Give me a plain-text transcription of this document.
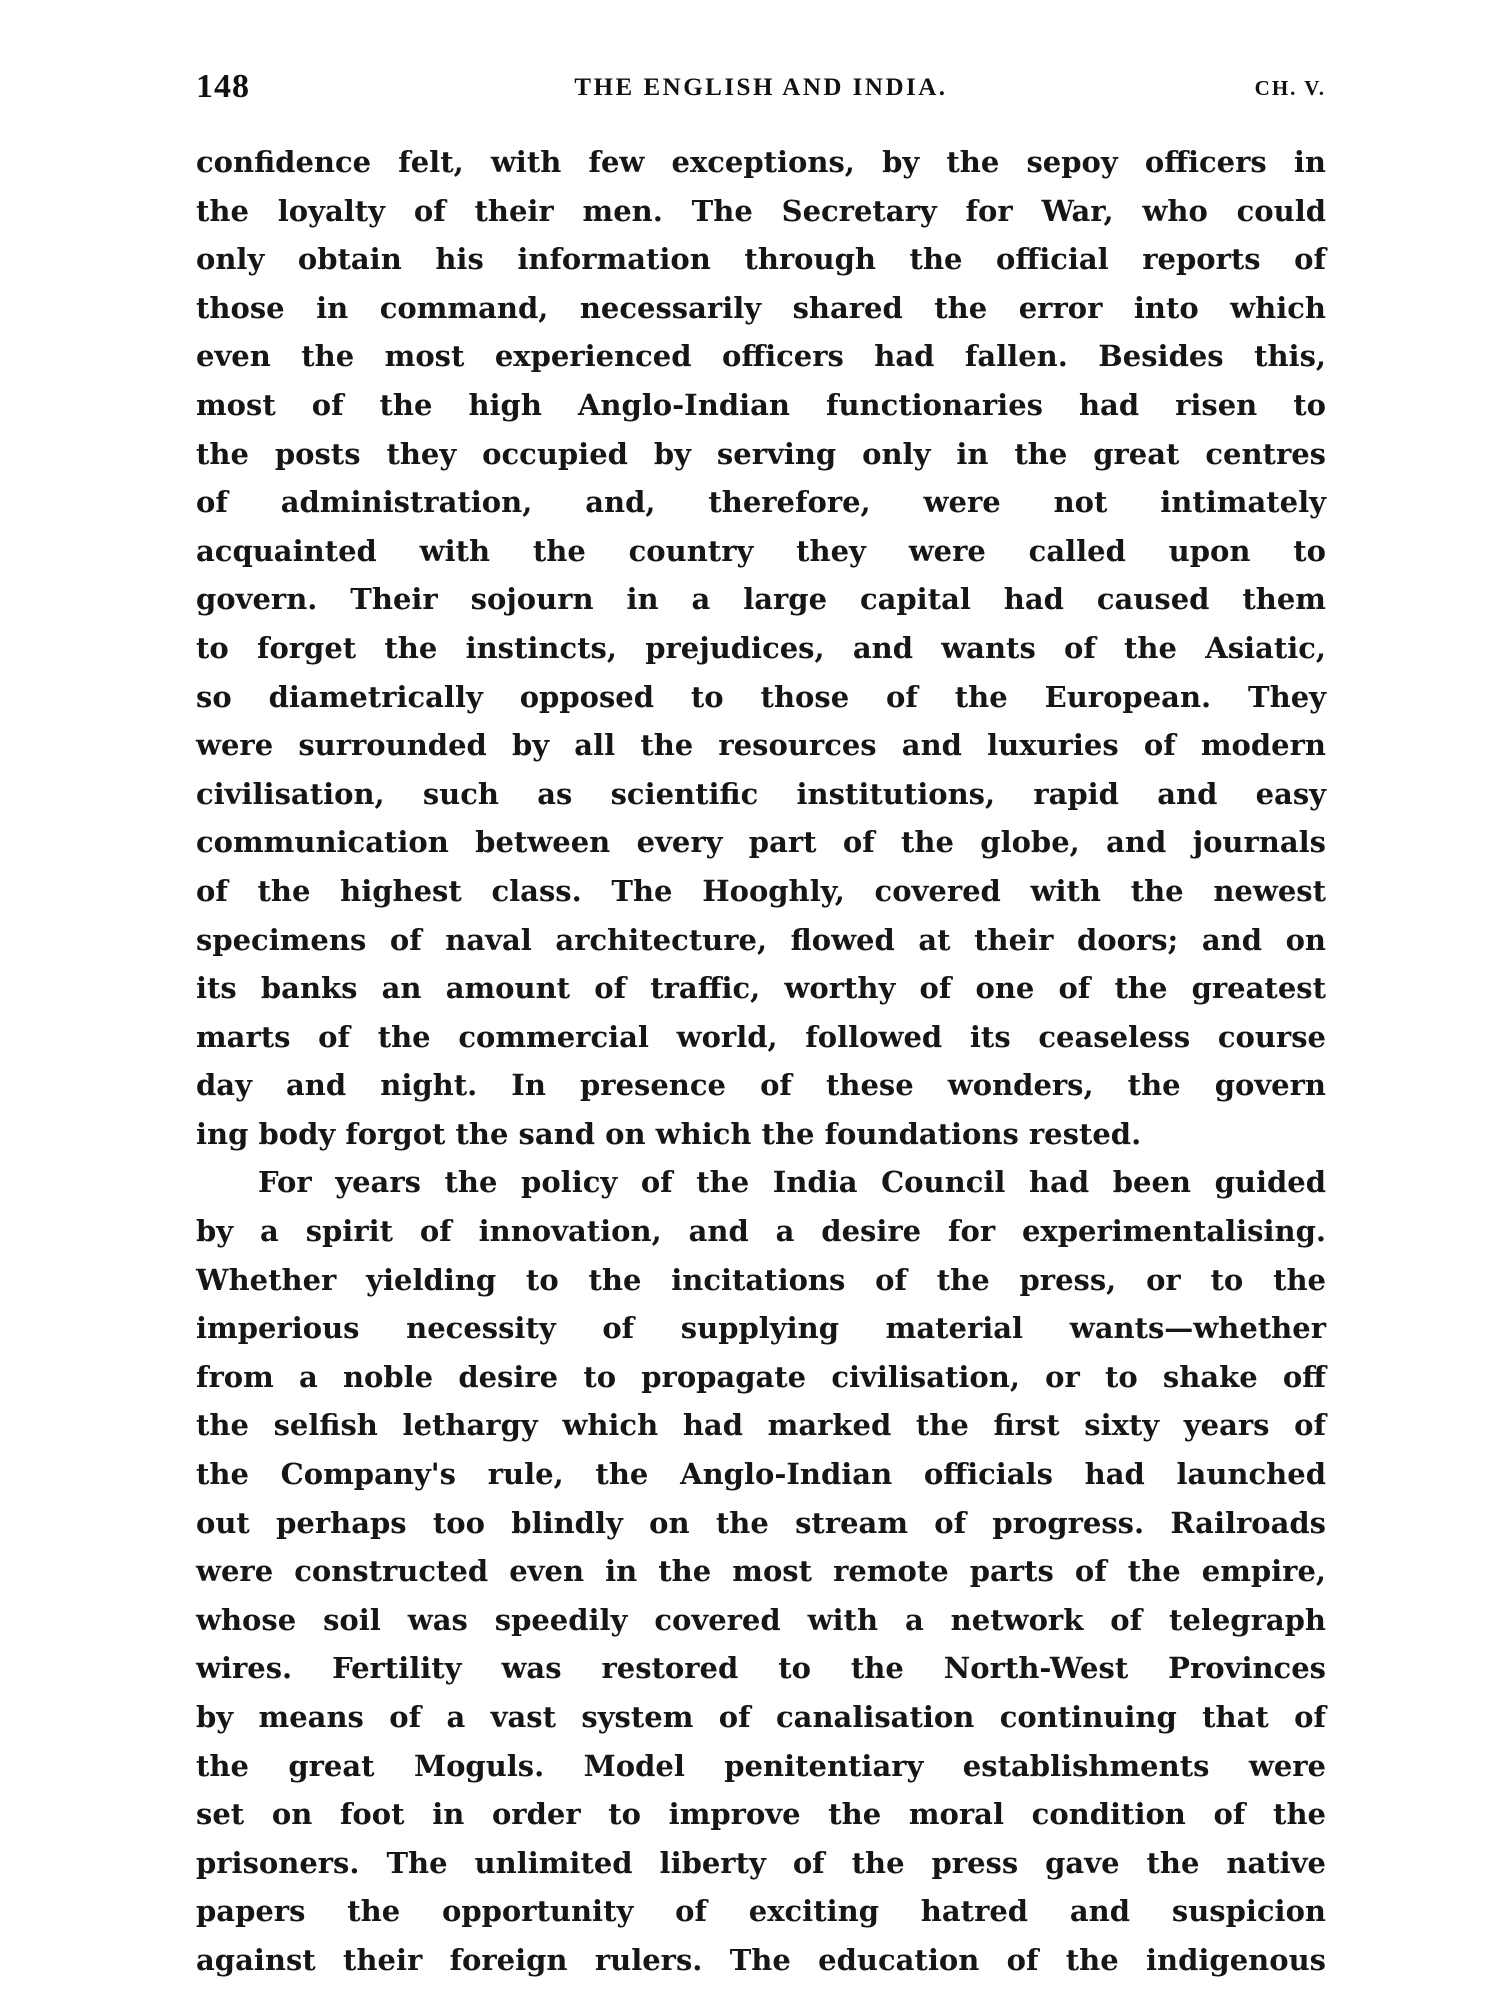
148	THE ENGLISH AND INDIA.	CH. V.

confidence felt, with few exceptions, by the sepoy officers in
the loyalty of their men. The Secretary for War, who could
only obtain his information through the official reports of
those in command, necessarily shared the error into which
even the most experienced officers had fallen. Besides this,
most of the high Anglo-Indian functionaries had risen to
the posts they occupied by serving only in the great centres
of administration, and, therefore, were not intimately
acquainted with the country they were called upon to
govern. Their sojourn in a large capital had caused them
to forget the instincts, prejudices, and wants of the Asiatic,
so diametrically opposed to those of the European. They
were surrounded by all the resources and luxuries of modern
civilisation, such as scientific institutions, rapid and easy
communication between every part of the globe, and journals
of the highest class. The Hooghly, covered with the newest
specimens of naval architecture, flowed at their doors; and on
its banks an amount of traffic, worthy of one of the greatest
marts of the commercial world, followed its ceaseless course
day and night. In presence of these wonders, the govern
ing body forgot the sand on which the foundations rested.

For years the policy of the India Council had been guided
by a spirit of innovation, and a desire for experimentalising.
Whether yielding to the incitations of the press, or to the
imperious necessity of supplying material wants—whether
from a noble desire to propagate civilisation, or to shake off
the selfish lethargy which had marked the first sixty years of
the Company's rule, the Anglo-Indian officials had launched
out perhaps too blindly on the stream of progress. Railroads
were constructed even in the most remote parts of the empire,
whose soil was speedily covered with a network of telegraph
wires. Fertility was restored to the North-West Provinces
by means of a vast system of canalisation continuing that of
the great Moguls. Model penitentiary establishments were
set on foot in order to improve the moral condition of the
prisoners. The unlimited liberty of the press gave the native
papers the opportunity of exciting hatred and suspicion
against their foreign rulers. The education of the indigenous
